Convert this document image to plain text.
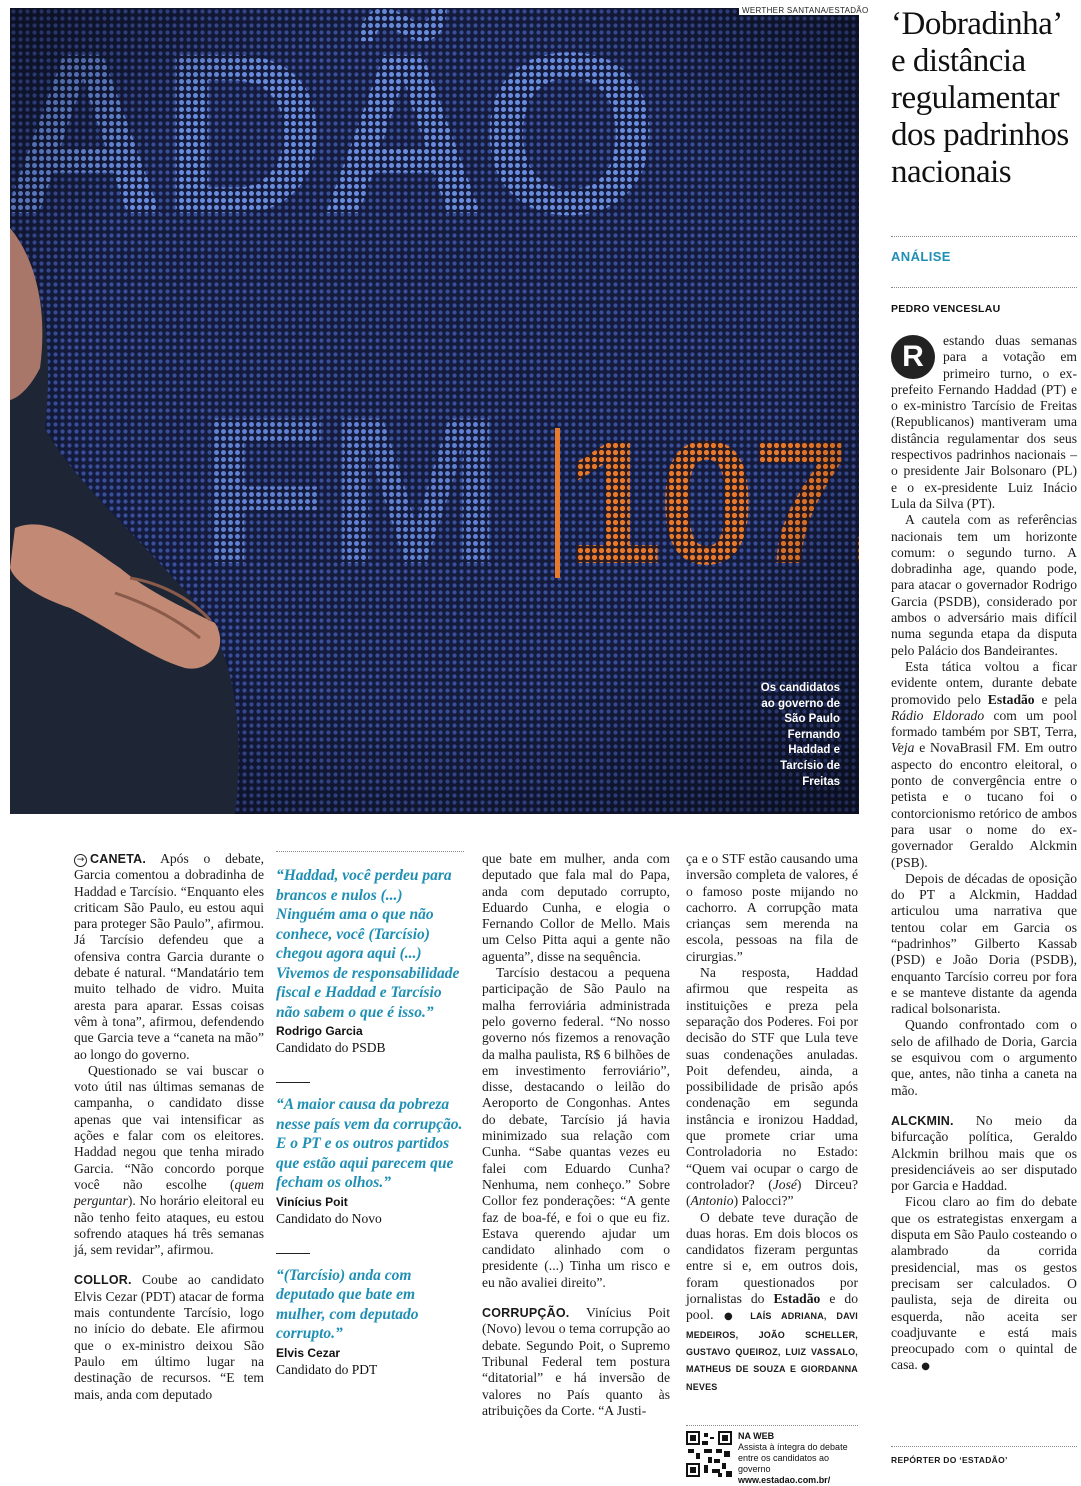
WERTHER SANTANA/ESTADÃO
Os candidatos
ao governo de
São Paulo
Fernando
Haddad e
Tarcísio de
Freitas
‘Dobradinha’
e distância
regulamentar
dos padrinhos
nacionais
ANÁLISE
PEDRO VENCESLAU

R	estando duas semanas para a votação em primeiro turno, o ex-prefeito Fernando Haddad (PT) e o ex-ministro Tarcísio de Freitas (Republicanos) mantiveram uma distância regulamentar dos seus respectivos padrinhos nacionais – o presidente Jair Bolsonaro (PL) e o ex-presidente Luiz Inácio Lula da Silva (PT).

A cautela com as referências nacionais tem um horizonte comum: o segundo turno. A dobradinha age, quando pode, para atacar o governador Rodrigo Garcia (PSDB), considerado por ambos o adversário mais difícil numa segunda etapa da disputa pelo Palácio dos Bandeirantes.

Esta tática voltou a ficar evidente ontem, durante debate promovido pelo Estadão e pela Rádio Eldorado com um pool formado também por SBT, Terra, Veja e NovaBrasil FM. Em outro aspecto do encontro eleitoral, o ponto de convergência entre o petista e o tucano foi o contorcionismo retórico de ambos para usar o nome do ex-governador Geraldo Alckmin (PSB).

Depois de décadas de oposição do PT a Alckmin, Haddad articulou uma narrativa que tentou colar em Garcia os “padrinhos” Gilberto Kassab (PSD) e João Doria (PSDB), enquanto Tarcísio correu por fora e se manteve distante da agenda radical bolsonarista.

Quando confrontado com o selo de afilhado de Doria, Garcia se esquivou com o argumento que, antes, não tinha a caneta na mão.

ALCKMIN. No meio da bifurcação política, Geraldo Alckmin brilhou mais que os presidenciáveis ao ser disputado por Garcia e Haddad.

Ficou claro ao fim do debate que os estrategistas enxergam a disputa em São Paulo costeando o alambrado da corrida presidencial, mas os gestos precisam ser calculados. O paulista, seja de direita ou esquerda, não aceita ser coadjuvante e está mais preocupado com o quintal de casa. ●

REPÓRTER DO ‘ESTADÃO’

→ CANETA. Após o debate, Garcia comentou a dobradinha de Haddad e Tarcísio. “Enquanto eles criticam São Paulo, eu estou aqui para proteger São Paulo”, afirmou. Já Tarcísio defendeu que a ofensiva contra Garcia durante o debate é natural. “Mandatário tem muito telhado de vidro. Muita aresta para aparar. Essas coisas vêm à tona”, afirmou, defendendo que Garcia teve a “caneta na mão” ao longo do governo.

Questionado se vai buscar o voto útil nas últimas semanas de campanha, o candidato disse apenas que vai intensificar as ações e falar com os eleitores. Haddad negou que tenha mirado Garcia. “Não concordo porque você não escolhe (quem perguntar). No horário eleitoral eu não tenho feito ataques, eu estou sofrendo ataques há três semanas já, sem revidar”, afirmou.

COLLOR. Coube ao candidato Elvis Cezar (PDT) atacar de forma mais contundente Tarcísio, logo no início do debate. Ele afirmou que o ex-ministro deixou São Paulo em último lugar na destinação de recursos. “E tem mais, anda com deputado

“Haddad, você perdeu para brancos e nulos (...) Ninguém ama o que não conhece, você (Tarcísio) chegou agora aqui (...) Vivemos de responsabilidade fiscal e Haddad e Tarcísio não sabem o que é isso.”
Rodrigo Garcia
Candidato do PSDB
“A maior causa da pobreza nesse país vem da corrupção. E o PT e os outros partidos que estão aqui parecem que fecham os olhos.”
Vinícius Poit
Candidato do Novo
“(Tarcísio) anda com deputado que bate em mulher, com deputado corrupto.”
Elvis Cezar
Candidato do PDT

que bate em mulher, anda com deputado que fala mal do Papa, anda com deputado corrupto, Eduardo Cunha, e elogia o Fernando Collor de Mello. Mais um Celso Pitta aqui a gente não aguenta”, disse na sequência.

Tarcísio destacou a pequena participação de São Paulo na malha ferroviária administrada pelo governo federal. “No nosso governo nós fizemos a renovação da malha paulista, R$ 6 bilhões de em investimento ferroviário”, disse, destacando o leilão do Aeroporto de Congonhas. Antes do debate, Tarcísio já havia minimizado sua relação com Cunha. “Sabe quantas vezes eu falei com Eduardo Cunha? Nenhuma, nem conheço.” Sobre Collor fez ponderações: “A gente faz de boa-fé, e foi o que eu fiz. Estava querendo ajudar um candidato alinhado com o presidente (...) Tinha um risco e eu não avaliei direito”.

CORRUPÇÃO. Vinícius Poit (Novo) levou o tema corrupção ao debate. Segundo Poit, o Supremo Tribunal Federal tem postura “ditatorial” e há inversão de valores no País quanto às atribuições da Corte. “A Justi-

ça e o STF estão causando uma inversão completa de valores, é o famoso poste mijando no cachorro. A corrupção mata crianças sem merenda na escola, pessoas na fila de cirurgias.”

Na resposta, Haddad afirmou que respeita as instituições e preza pela separação dos Poderes. Foi por decisão do STF que Lula teve suas condenações anuladas. Poit defendeu, ainda, a possibilidade de prisão após condenação em segunda instância e ironizou Haddad, que promete criar uma Controladoria no Estado: “Quem vai ocupar o cargo de controlador? (José) Dirceu? (Antonio) Palocci?”

O debate teve duração de duas horas. Em dois blocos os candidatos fizeram perguntas entre si e, em outros dois, foram questionados por jornalistas do Estadão e do pool. ● LAÍS ADRIANA, DAVI MEDEIROS, JOÃO SCHELLER, GUSTAVO QUEIROZ, LUIZ VASSALO, MATHEUS DE SOUZA E GIORDANNA NEVES

NA WEB
Assista à íntegra do debate entre os candidatos ao governo
www.estadao.com.br/
